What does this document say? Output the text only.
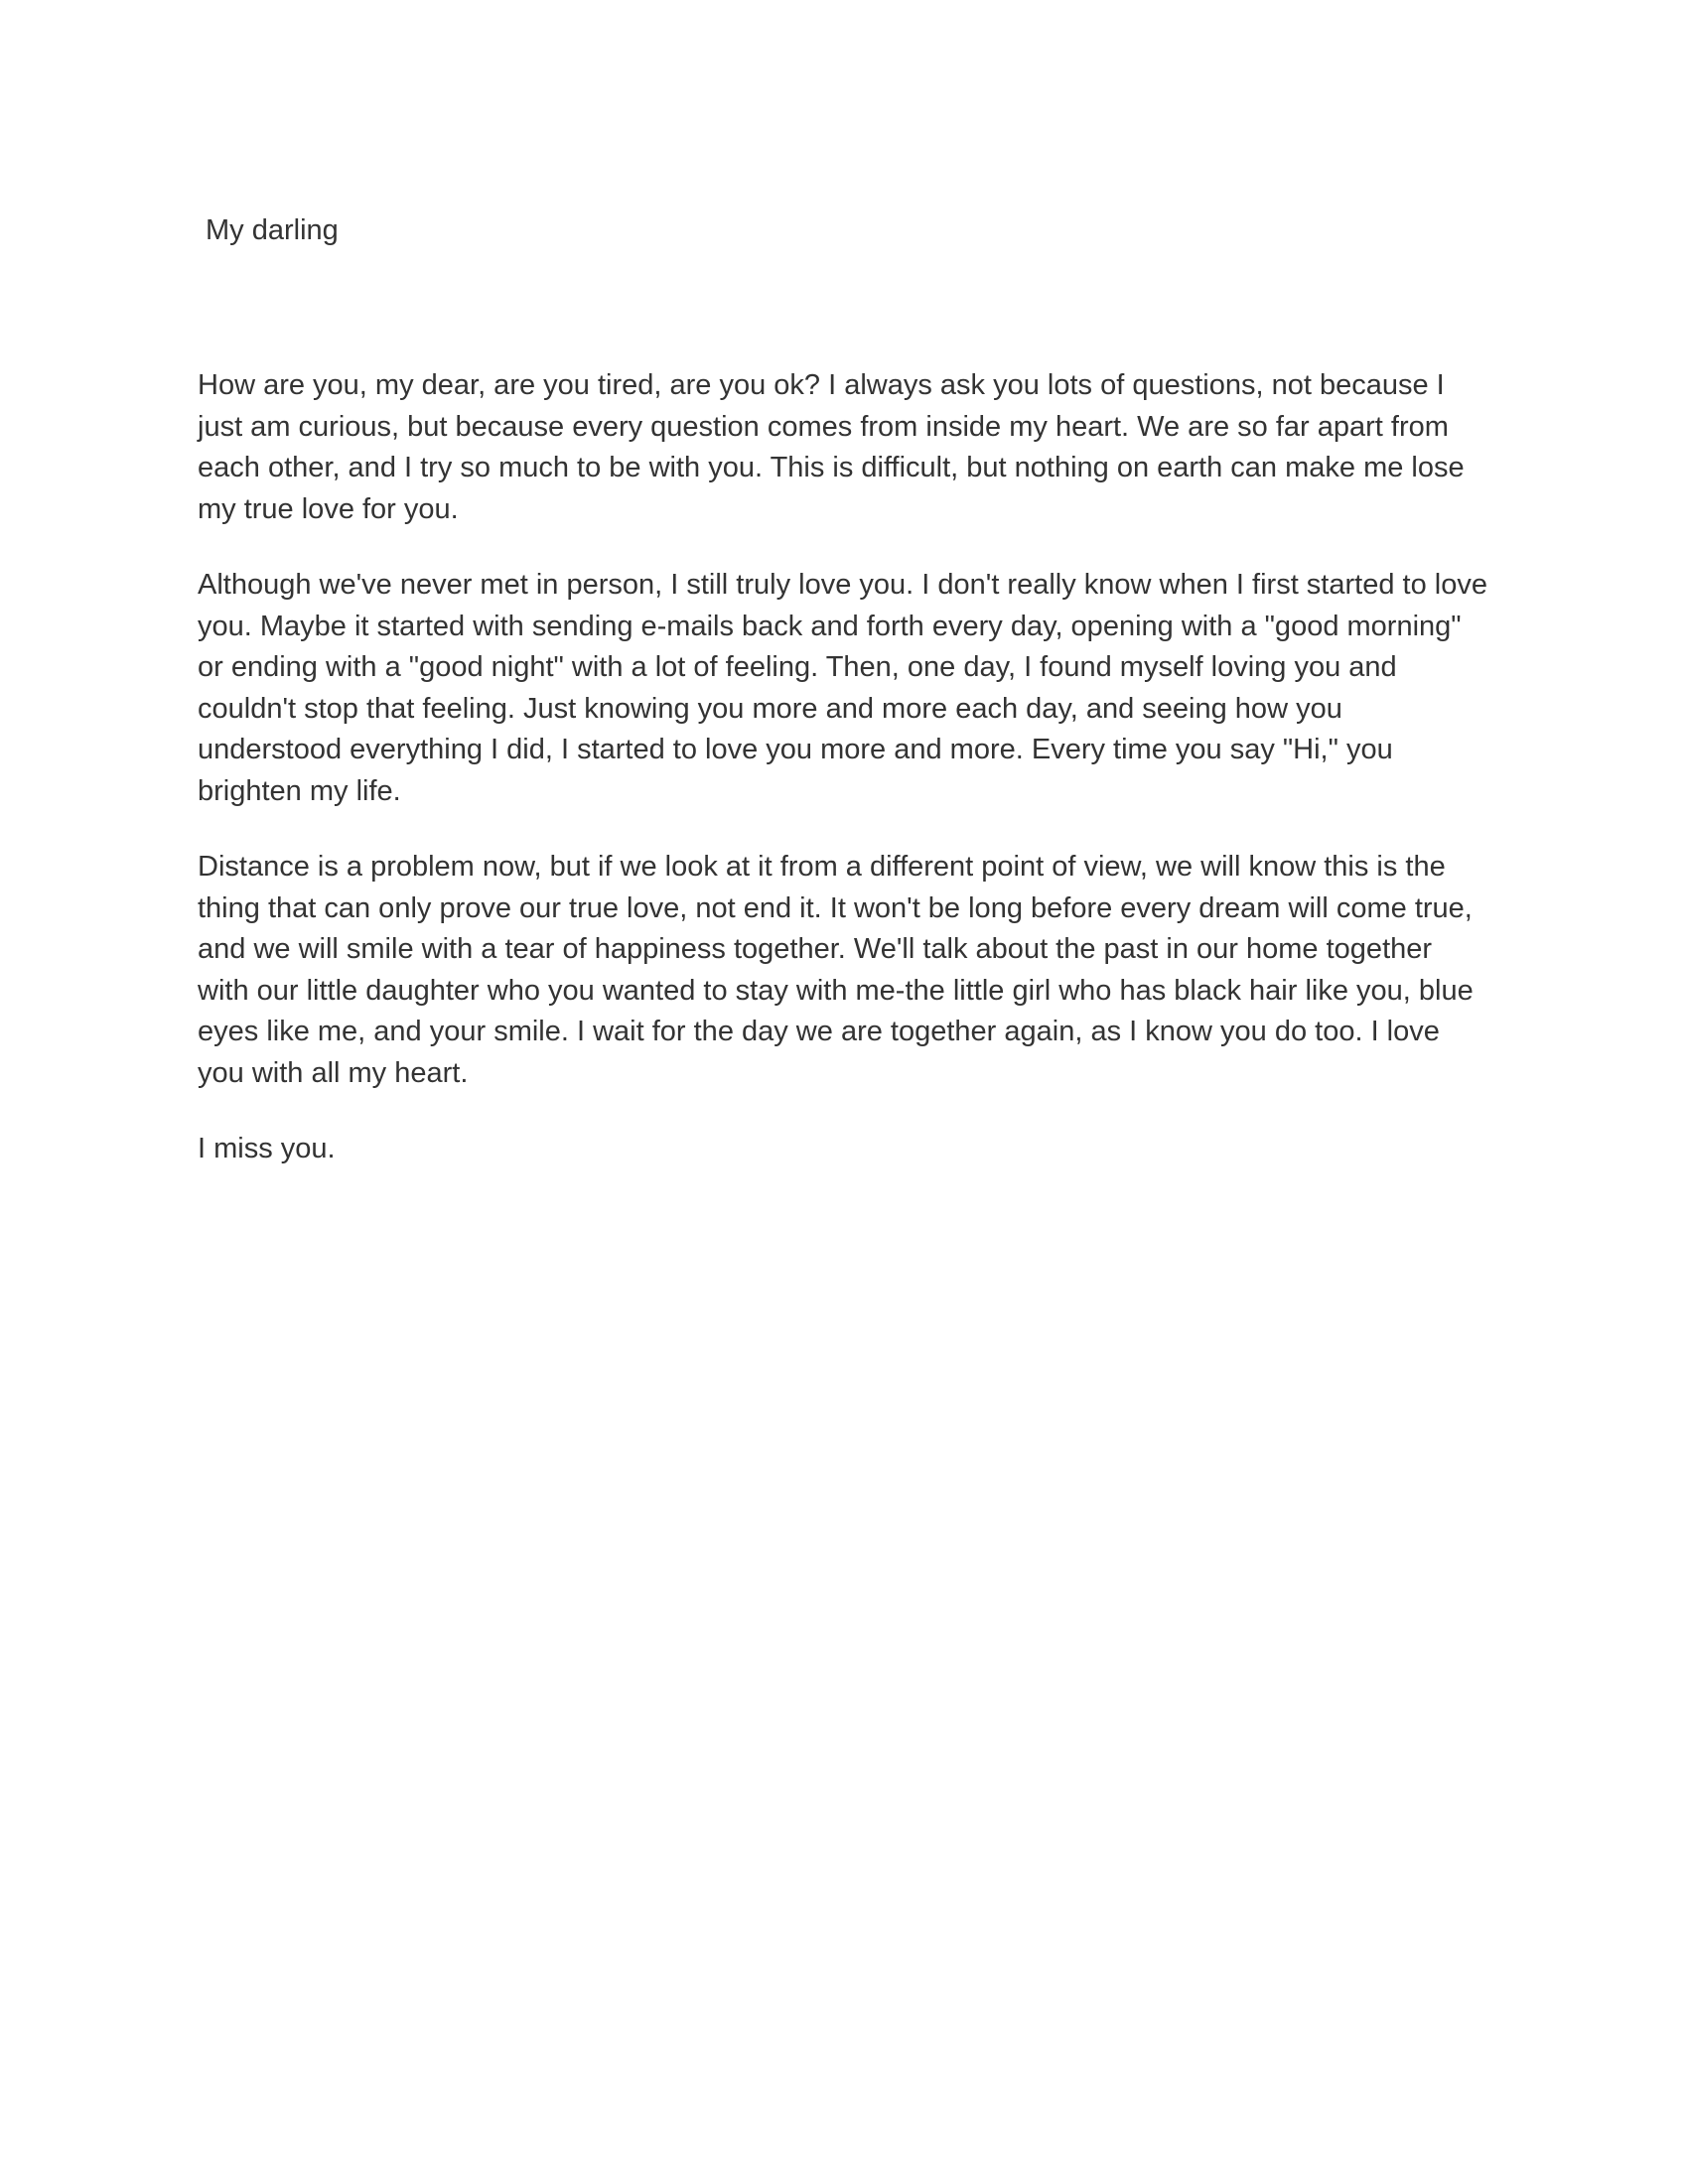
My darling

How are you, my dear, are you tired, are you ok? I always ask you lots of questions, not because I just am curious, but because every question comes from inside my heart. We are so far apart from each other, and I try so much to be with you. This is difficult, but nothing on earth can make me lose my true love for you.

Although we've never met in person, I still truly love you. I don't really know when I first started to love you. Maybe it started with sending e-mails back and forth every day, opening with a "good morning" or ending with a "good night" with a lot of feeling. Then, one day, I found myself loving you and couldn't stop that feeling. Just knowing you more and more each day, and seeing how you understood everything I did, I started to love you more and more. Every time you say "Hi," you brighten my life.

Distance is a problem now, but if we look at it from a different point of view, we will know this is the thing that can only prove our true love, not end it. It won't be long before every dream will come true, and we will smile with a tear of happiness together. We'll talk about the past in our home together with our little daughter who you wanted to stay with me-the little girl who has black hair like you, blue eyes like me, and your smile. I wait for the day we are together again, as I know you do too. I love you with all my heart.

I miss you.
